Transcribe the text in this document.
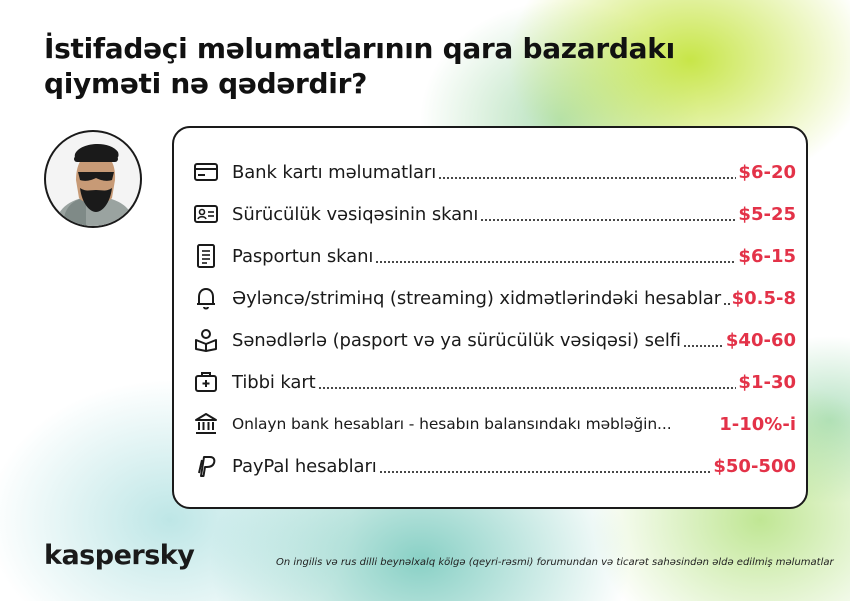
İstifadəçi məlumatlarının qara bazardakı qiyməti nə qədərdir?
Bank kartı məlumatları	$6-20
Sürücülük vəsiqəsinin skanı	$5-25
Pasportun skanı	$6-15
Əyləncə/strimінq (streaming) xidmətlərindəki hesablar $0.5-8
Sənədlərlə (pasport və ya sürücülük vəsiqəsi) selfi	$40-60
Tibbi kart	$1-30
Onlayn bank hesabları - hesabın balansındakı məbləğin...	1-10%-i
PayPal hesabları	$50-500
kaspersky	On ingilis və rus dilli beynəlxalq kölgə (qeyri-rəsmi) forumundan və ticarət sahəsindən əldə edilmiş məlumatlar
